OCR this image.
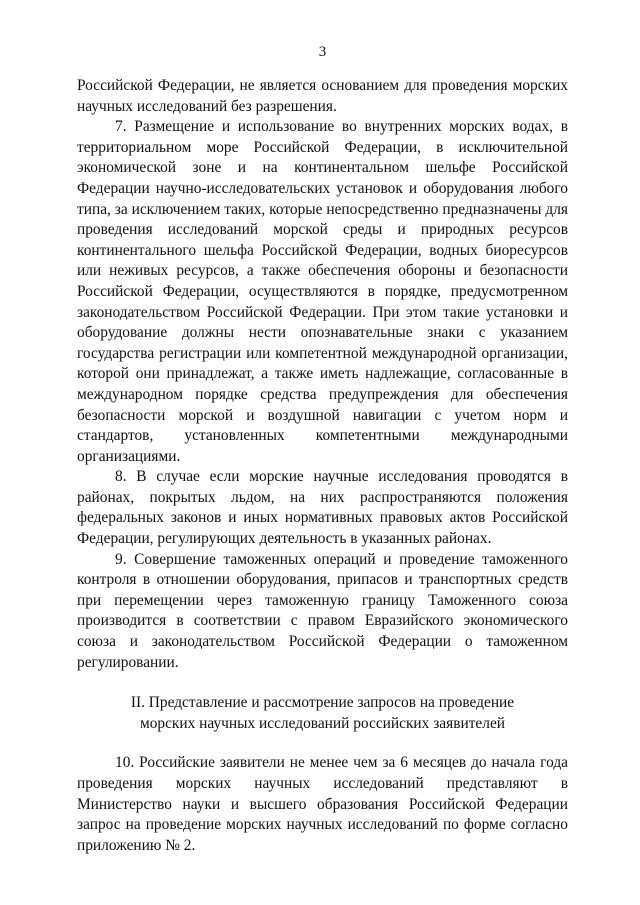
3

Российской Федерации, не является основанием для проведения морских научных исследований без разрешения.

7. Размещение и использование во внутренних морских водах, в территориальном море Российской Федерации, в исключительной экономической зоне и на континентальном шельфе Российской Федерации научно-исследовательских установок и оборудования любого типа, за исключением таких, которые непосредственно предназначены для проведения исследований морской среды и природных ресурсов континентального шельфа Российской Федерации, водных биоресурсов или неживых ресурсов, а также обеспечения обороны и безопасности Российской Федерации, осуществляются в порядке, предусмотренном законодательством Российской Федерации. При этом такие установки и оборудование должны нести опознавательные знаки с указанием государства регистрации или компетентной международной организации, которой они принадлежат, а также иметь надлежащие, согласованные в международном порядке средства предупреждения для обеспечения безопасности морской и воздушной навигации с учетом норм и стандартов, установленных компетентными международными организациями.

8. В случае если морские научные исследования проводятся в районах, покрытых льдом, на них распространяются положения федеральных законов и иных нормативных правовых актов Российской Федерации, регулирующих деятельность в указанных районах.

9. Совершение таможенных операций и проведение таможенного контроля в отношении оборудования, припасов и транспортных средств при перемещении через таможенную границу Таможенного союза производится в соответствии с правом Евразийского экономического союза и законодательством Российской Федерации о таможенном регулировании.

II. Представление и рассмотрение запросов на проведение
морских научных исследований российских заявителей

10. Российские заявители не менее чем за 6 месяцев до начала года проведения морских научных исследований представляют в Министерство науки и высшего образования Российской Федерации запрос на проведение морских научных исследований по форме согласно приложению № 2.
